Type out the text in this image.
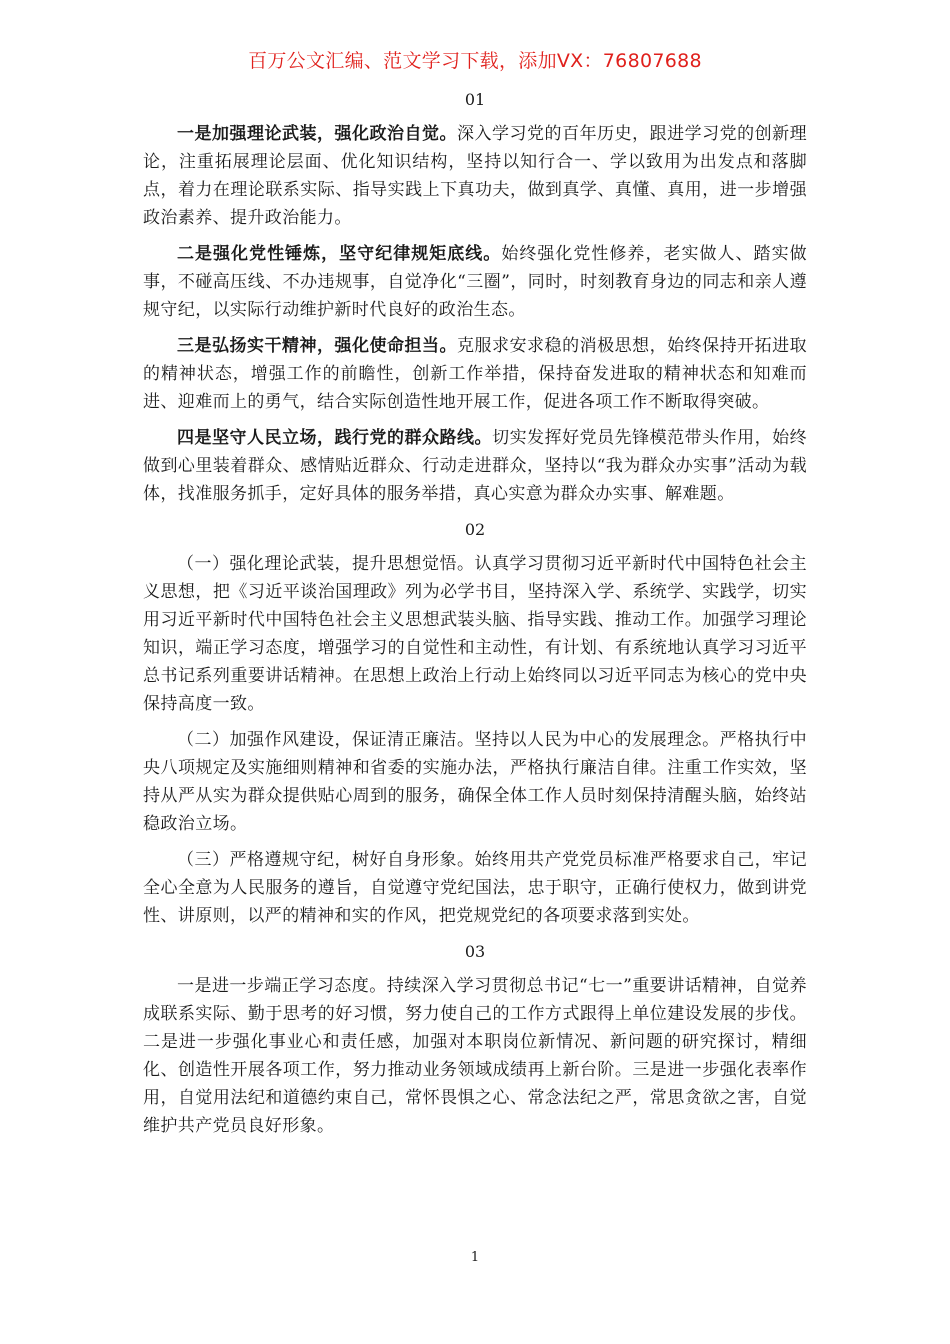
百万公文汇编、范文学习下载，添加VX：76807688
01

一是加强理论武装，强化政治自觉。深入学习党的百年历史，跟进学习党的创新理论，注重拓展理论层面、优化知识结构，坚持以知行合一、学以致用为出发点和落脚点，着力在理论联系实际、指导实践上下真功夫，做到真学、真懂、真用，进一步增强政治素养、提升政治能力。

二是强化党性锤炼，坚守纪律规矩底线。始终强化党性修养，老实做人、踏实做事，不碰高压线、不办违规事，自觉净化“三圈”，同时，时刻教育身边的同志和亲人遵规守纪，以实际行动维护新时代良好的政治生态。

三是弘扬实干精神，强化使命担当。克服求安求稳的消极思想，始终保持开拓进取的精神状态，增强工作的前瞻性，创新工作举措，保持奋发进取的精神状态和知难而进、迎难而上的勇气，结合实际创造性地开展工作，促进各项工作不断取得突破。

四是坚守人民立场，践行党的群众路线。切实发挥好党员先锋模范带头作用，始终做到心里装着群众、感情贴近群众、行动走进群众，坚持以“我为群众办实事”活动为载体，找准服务抓手，定好具体的服务举措，真心实意为群众办实事、解难题。

02

（一）强化理论武装，提升思想觉悟。认真学习贯彻习近平新时代中国特色社会主义思想，把《习近平谈治国理政》列为必学书目，坚持深入学、系统学、实践学，切实用习近平新时代中国特色社会主义思想武装头脑、指导实践、推动工作。加强学习理论知识，端正学习态度，增强学习的自觉性和主动性，有计划、有系统地认真学习习近平总书记系列重要讲话精神。在思想上政治上行动上始终同以习近平同志为核心的党中央保持高度一致。

（二）加强作风建设，保证清正廉洁。坚持以人民为中心的发展理念。严格执行中央八项规定及实施细则精神和省委的实施办法，严格执行廉洁自律。注重工作实效，坚持从严从实为群众提供贴心周到的服务，确保全体工作人员时刻保持清醒头脑，始终站稳政治立场。

（三）严格遵规守纪，树好自身形象。始终用共产党党员标准严格要求自己，牢记全心全意为人民服务的遵旨，自觉遵守党纪国法，忠于职守，正确行使权力，做到讲党性、讲原则，以严的精神和实的作风，把党规党纪的各项要求落到实处。

03

一是进一步端正学习态度。持续深入学习贯彻总书记“七一”重要讲话精神，自觉养成联系实际、勤于思考的好习惯，努力使自己的工作方式跟得上单位建设发展的步伐。二是进一步强化事业心和责任感，加强对本职岗位新情况、新问题的研究探讨，精细化、创造性开展各项工作，努力推动业务领域成绩再上新台阶。三是进一步强化表率作用，自觉用法纪和道德约束自己，常怀畏惧之心、常念法纪之严，常思贪欲之害，自觉维护共产党员良好形象。

1
